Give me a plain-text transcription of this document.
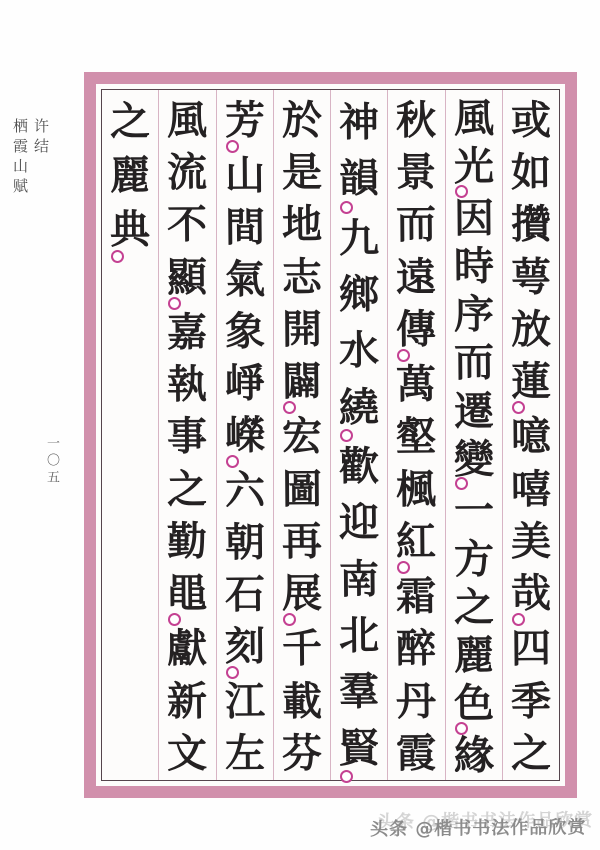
许结
栖霞山赋
一〇五
或
如
攢
萼
放
蓮
噫
嘻
美
哉
四
季
之
風
光
因
時
序
而
遷
變
一
方
之
麗
色
緣
秋
景
而
遠
傳
萬
壑
楓
紅
霜
醉
丹
霞
神
韻
九
鄉
水
繞
歡
迎
南
北
羣
賢
於
是
地
志
開
闢
宏
圖
再
展
千
載
芬
芳
山
間
氣
象
崢
嶸
六
朝
石
刻
江
左
風
流
不
顯
嘉
執
事
之
勤
黽
獻
新
文
之
麗
典
头条 @楷书书法作品欣赏
